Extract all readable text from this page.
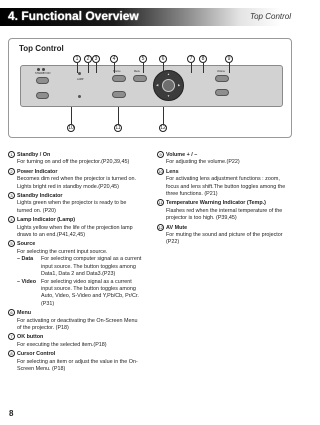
4. Functional Overview	Top Control
Top Control
STANDBY/ON
LAMP
Source	Menu
▲
▼
◀	▶
Volume
1	2	3	4	5	6	7	8	9
10	11	12
1 Standby / On
For turning on and off the projector.(P20,39,45)
2 Power Indicator
Becomes dim red when the projector is turned on. Lights bright red in standby mode.(P20,45)
3 Standby Indicator
Lights green when the projector is ready to be turned on. (P20)
4 Lamp Indicator (Lamp)
Lights yellow when the life of the projection lamp draws to an end.(P41,42,45)
5 Source
For selecting the current input source.
– Data	For selecting computer signal as a current input source. The button toggles among Data1, Data 2 and Data3.(P23)
– Video For selecting video signal as a current input source. The button toggles among Auto, Video, S-Video and Y,Pb/Cb, Pr/Cr.(P31)
6 Menu
For activating or deactivating the On-Screen Menu of the projector. (P18)
7 OK button
For executing the selected item.(P18)
8 Cursor Control
For selecting an item or adjust the value in the On-Screen Menu. (P18)
9 Volume + / –
For adjusting the volume.(P22)
10 Lens
For activating lens adjustment functions : zoom, focus and lens shift.The button toggles among the three functions. (P21)
11 Temperature Warning Indicator (Temp.)
Flashes red when the internal temperature of the projector is too high. (P39,45)
12 AV Mute
For muting the sound and picture of the projector (P22)
8
